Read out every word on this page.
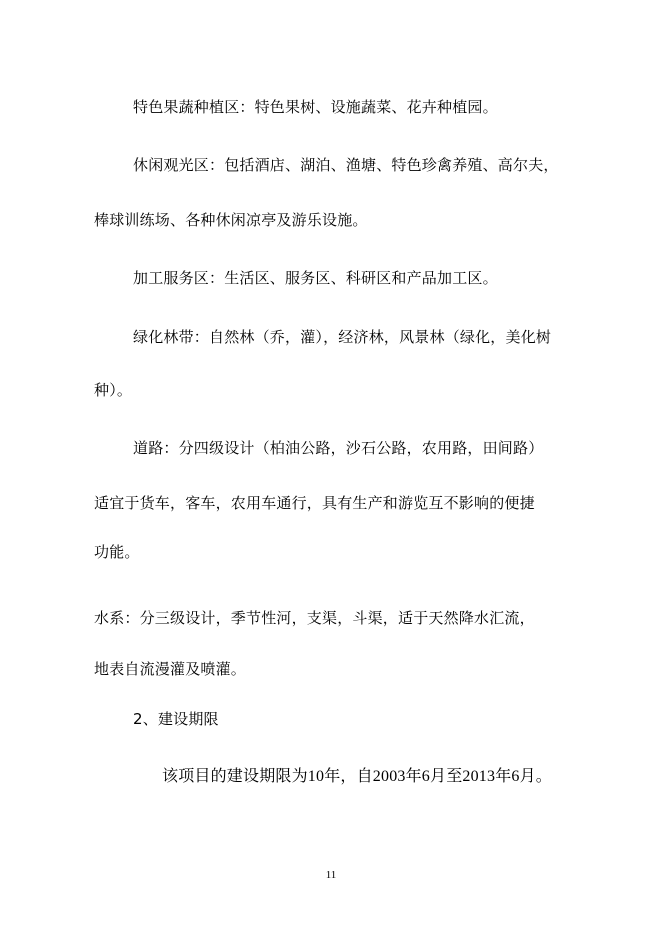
特色果蔬种植区：特色果树、设施蔬菜、花卉种植园。
休闲观光区：包括酒店、湖泊、渔塘、特色珍禽养殖、高尔夫，
棒球训练场、各种休闲凉亭及游乐设施。
加工服务区：生活区、服务区、科研区和产品加工区。
绿化林带：自然林（乔，灌），经济林，风景林（绿化，美化树
种）。
道路：分四级设计（柏油公路，沙石公路，农用路，田间路）
适宜于货车，客车，农用车通行，具有生产和游览互不影响的便捷
功能。
水系：分三级设计，季节性河，支渠，斗渠，适于天然降水汇流，
地表自流漫灌及喷灌。
2、建设期限
该项目的建设期限为10年，自2003年6月至2013年6月。
11
